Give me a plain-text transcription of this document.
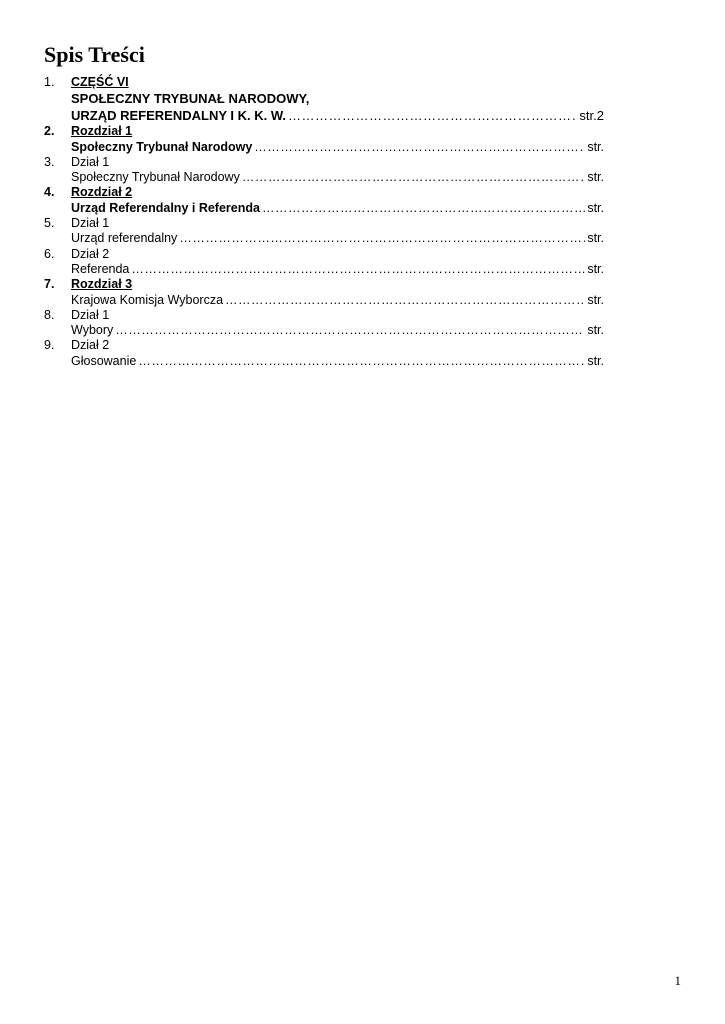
Spis Treści
1.	CZĘŚĆ VI
SPOŁECZNY TRYBUNAŁ NARODOWY,
URZĄD REFERENDALNY I K. K. W. …………………………………………………………………………………………………………………………………………	str.2
2.	Rozdział 1
Społeczny Trybunał Narodowy …………………………………………………………………………………………………………………………………………	str.
3.	Dział 1
Społeczny Trybunał Narodowy …………………………………………………………………………………………………………………………………………	str.
4.	Rozdział 2
Urząd Referendalny i Referenda …………………………………………………………………………………………………………………………………………	str.
5.	Dział 1
Urząd referendalny …………………………………………………………………………………………………………………………………………	str.
6.	Dział 2
Referenda …………………………………………………………………………………………………………………………………………	str.
7.	Rozdział 3
Krajowa Komisja Wyborcza …………………………………………………………………………………………………………………………………………	str.
8.	Dział 1
Wybory …………………………………………………………………………………………………………………………………………	str.
9.	Dział 2
Głosowanie …………………………………………………………………………………………………………………………………………	str.
1
